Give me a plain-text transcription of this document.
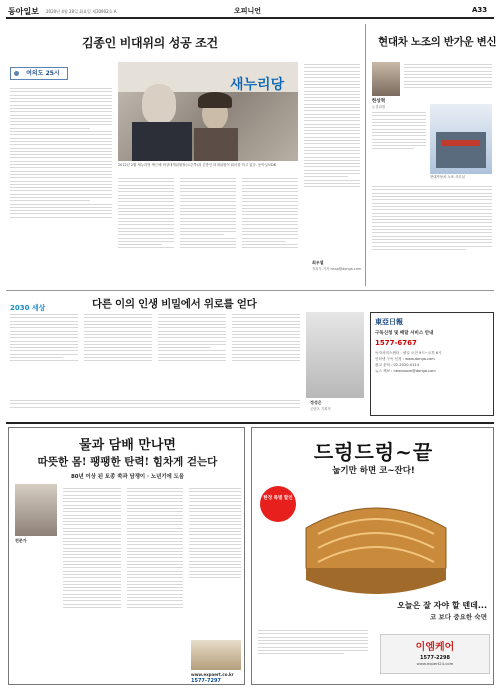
동아일보 2020년 4월 28일 화요일 제30902호 A	오피니언	A33
김종인 비대위의 성공 조건
$^{여의도 25시}$
새누리당
2012년 2월 새누리당 박근혜 비상대책위원장(오른쪽)과 김종인 비대위원이 회의를 하고 있다. 동아일보DB
최우열
정치부 기자 dnsp@donga.com
현대차 노조의 반가운 변신
한상혁
논설위원
현대자동차 노조 사무실
2030 세상	다른 이의 인생 비밀에서 위로를 얻다
정성은
콘텐츠 기획자
東亞日報
구독신청 및 배달 서비스 안내
1577-6767
독자서비스센터 : 평일 오전 9시~오후 6시
인터넷 구독 신청 : www.donga.com
광고 문의 : 02-2020-0114
뉴스 제보 : newsroom@donga.com
물과 담배 만나면
따뜻한 몸! 팽팽한 탄력! 힘차게 걷는다
80년 이상 된 토종 쑥과 담쟁이 · 노년기에 도움
전문가
www.expaert.co.kr
1577-7297
드렁드렁~끝
눕기만 하면 코~잔다!
한정 특별 할인
오늘은 잘 자야 할 텐데...
코 보다 중요한 숙면
이엠케어
1577-2298
www.expert24.com
